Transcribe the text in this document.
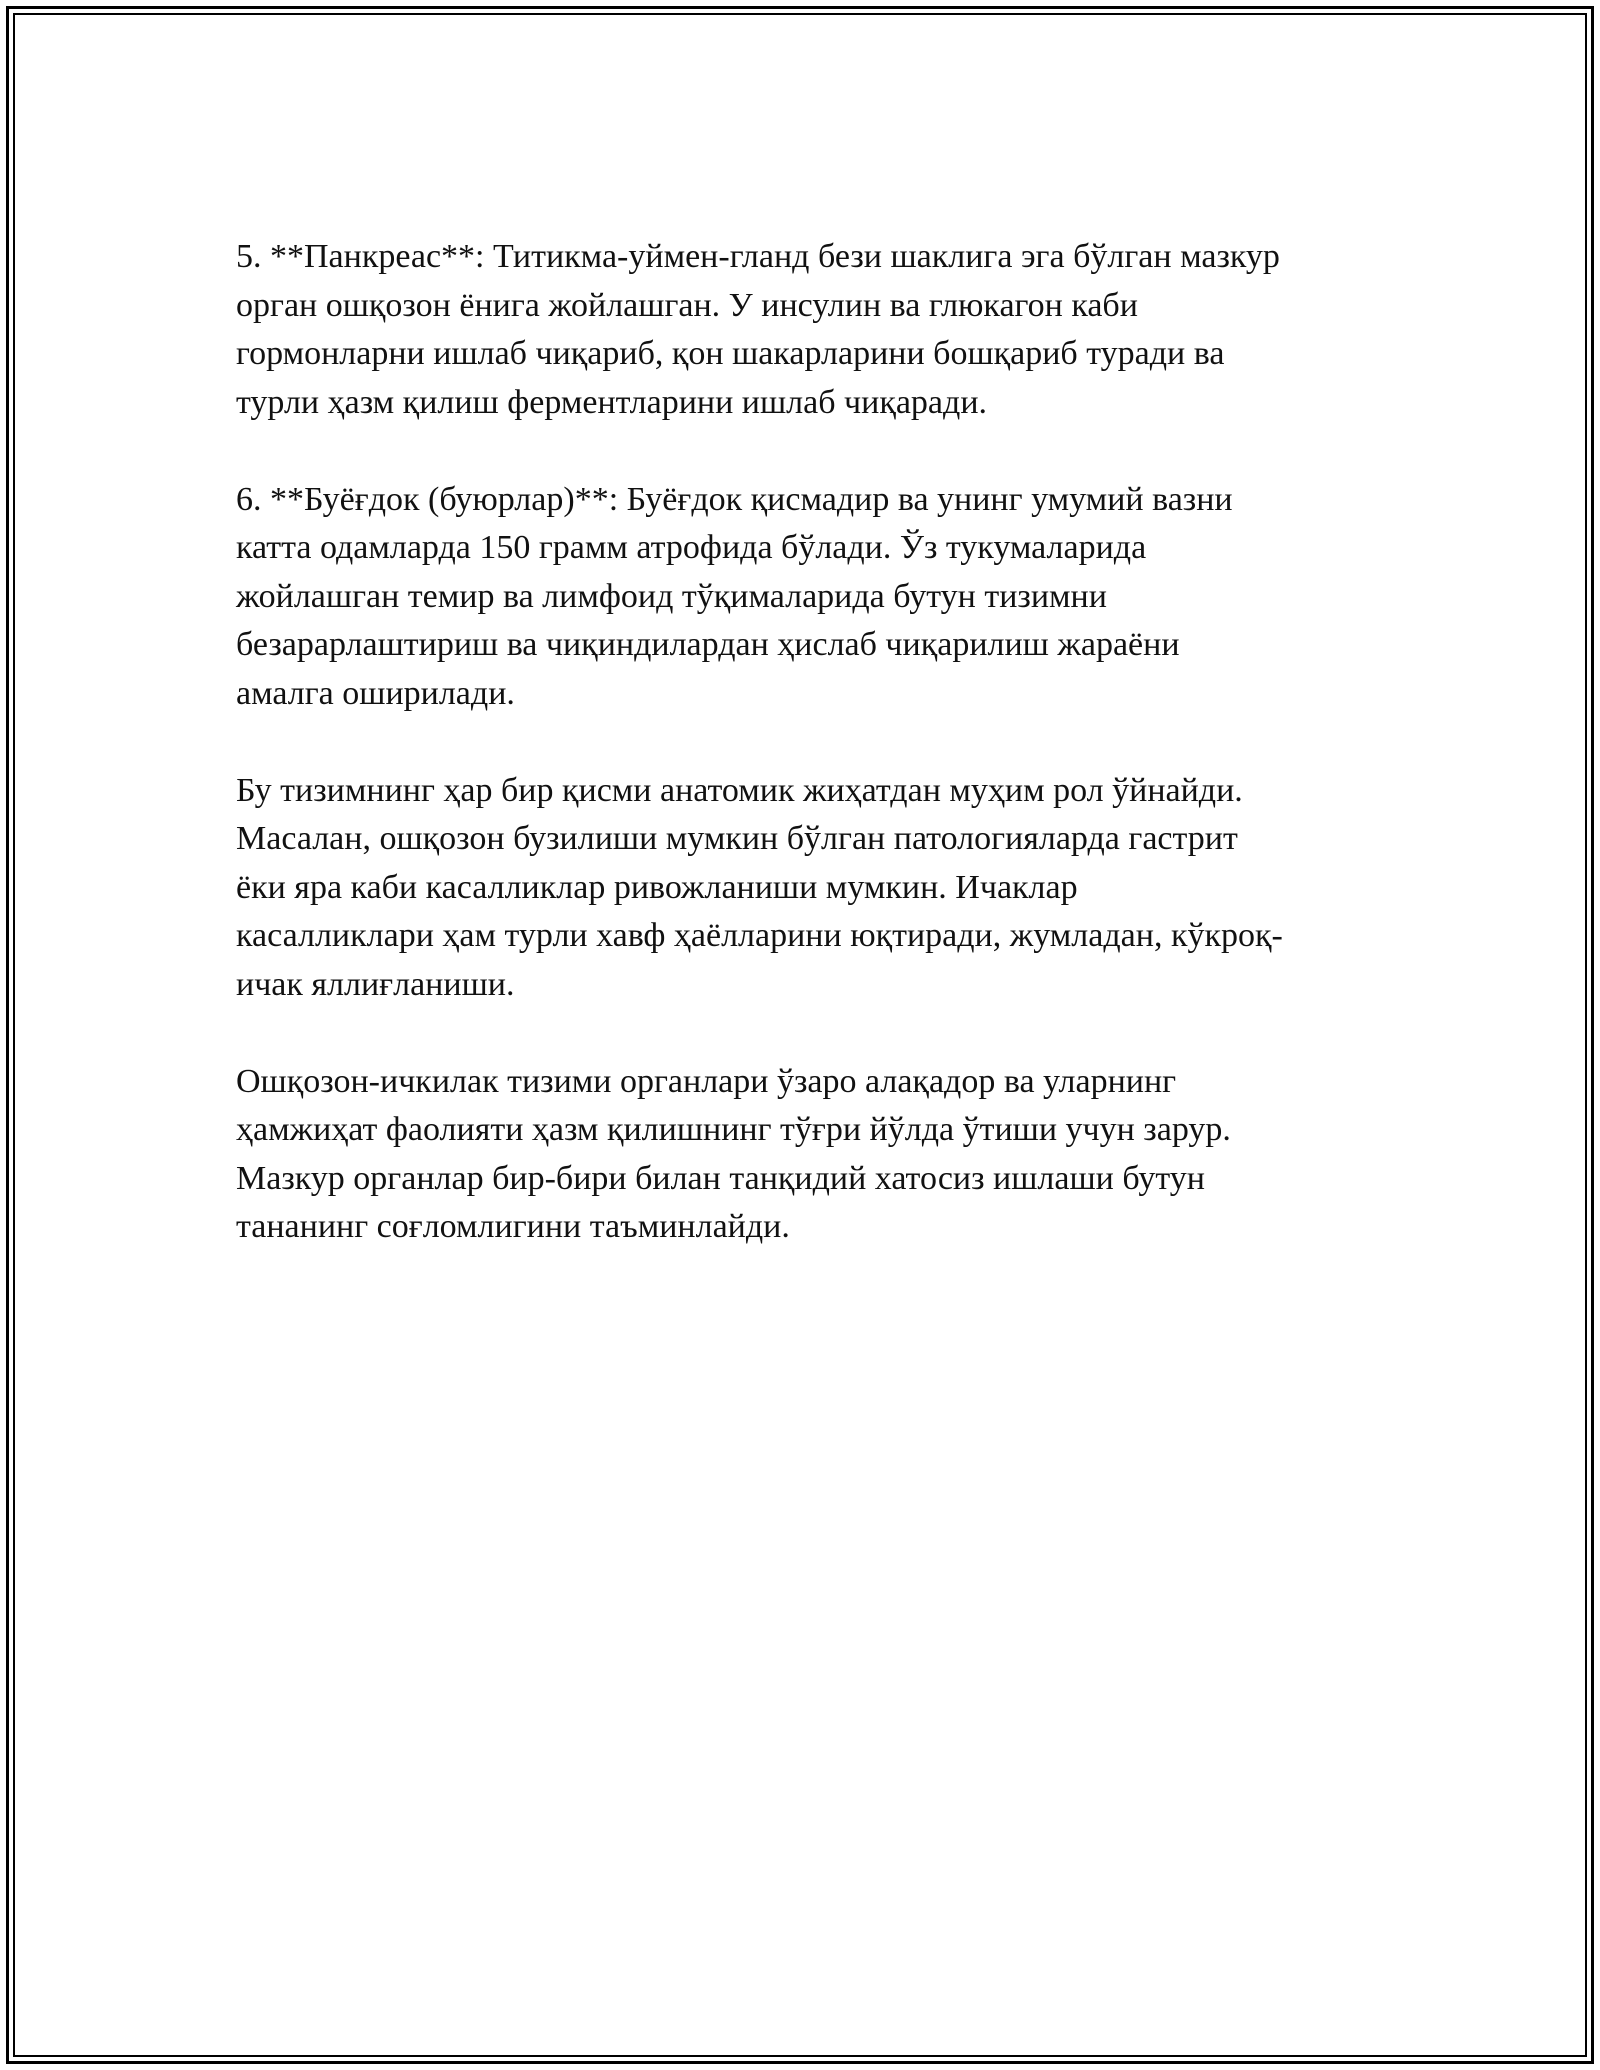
5. **Панкреас**: Титикма-уймен-гланд бези шаклига эга бўлган мазкур
орган ошқозон ёнига жойлашган. У инсулин ва глюкагон каби
гормонларни ишлаб чиқариб, қон шакарларини бошқариб туради ва
турли ҳазм қилиш ферментларини ишлаб чиқаради.

6. **Буёғдок (буюрлар)**: Буёғдок қисмадир ва унинг умумий вазни
катта одамларда 150 грамм атрофида бўлади. Ўз тукумаларида
жойлашган темир ва лимфоид тўқималарида бутун тизимни
безарарлаштириш ва чиқиндилардан ҳислаб чиқарилиш жараёни
амалга оширилади.

Бу тизимнинг ҳар бир қисми анатомик жиҳатдан муҳим рол ўйнайди.
Масалан, ошқозон бузилиши мумкин бўлган патологияларда гастрит
ёки яра каби касалликлар ривожланиши мумкин. Ичаклар
касалликлари ҳам турли хавф ҳаёлларини юқтиради, жумладан, кўкроқ-
ичак яллиғланиши.

Ошқозон-ичкилак тизими органлари ўзаро алақадор ва уларнинг
ҳамжиҳат фаолияти ҳазм қилишнинг тўғри йўлда ўтиши учун зарур.
Мазкур органлар бир-бири билан танқидий хатосиз ишлаши бутун
тананинг соғломлигини таъминлайди.
